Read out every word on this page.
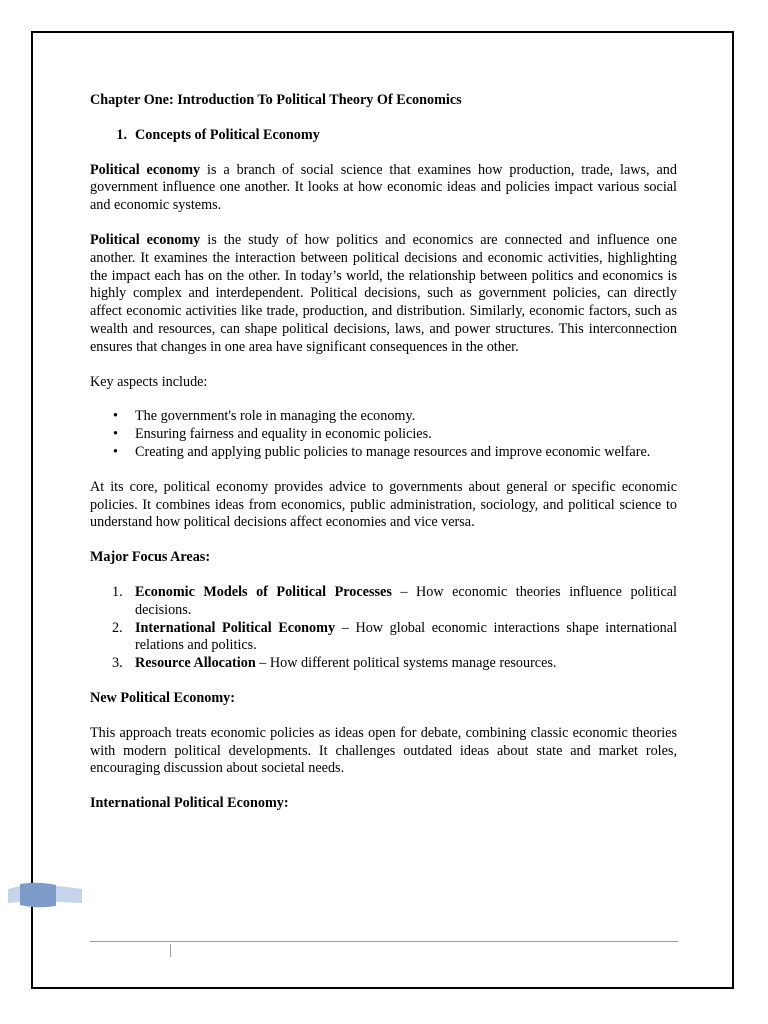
Chapter One: Introduction To Political Theory Of Economics

1. Concepts of Political Economy

Political economy is a branch of social science that examines how production, trade, laws, and government influence one another. It looks at how economic ideas and policies impact various social and economic systems.

Political economy is the study of how politics and economics are connected and influence one another. It examines the interaction between political decisions and economic activities, highlighting the impact each has on the other. In today’s world, the relationship between politics and economics is highly complex and interdependent. Political decisions, such as government policies, can directly affect economic activities like trade, production, and distribution. Similarly, economic factors, such as wealth and resources, can shape political decisions, laws, and power structures. This interconnection ensures that changes in one area have significant consequences in the other.

Key aspects include:

•	The government's role in managing the economy.
•	Ensuring fairness and equality in economic policies.
•	Creating and applying public policies to manage resources and improve economic welfare.

At its core, political economy provides advice to governments about general or specific economic policies. It combines ideas from economics, public administration, sociology, and political science to understand how political decisions affect economies and vice versa.

Major Focus Areas:

1. Economic Models of Political Processes – How economic theories influence political decisions.
2. International Political Economy – How global economic interactions shape international relations and politics.
3. Resource Allocation – How different political systems manage resources.

New Political Economy:

This approach treats economic policies as ideas open for debate, combining classic economic theories with modern political developments. It challenges outdated ideas about state and market roles, encouraging discussion about societal needs.

International Political Economy:
